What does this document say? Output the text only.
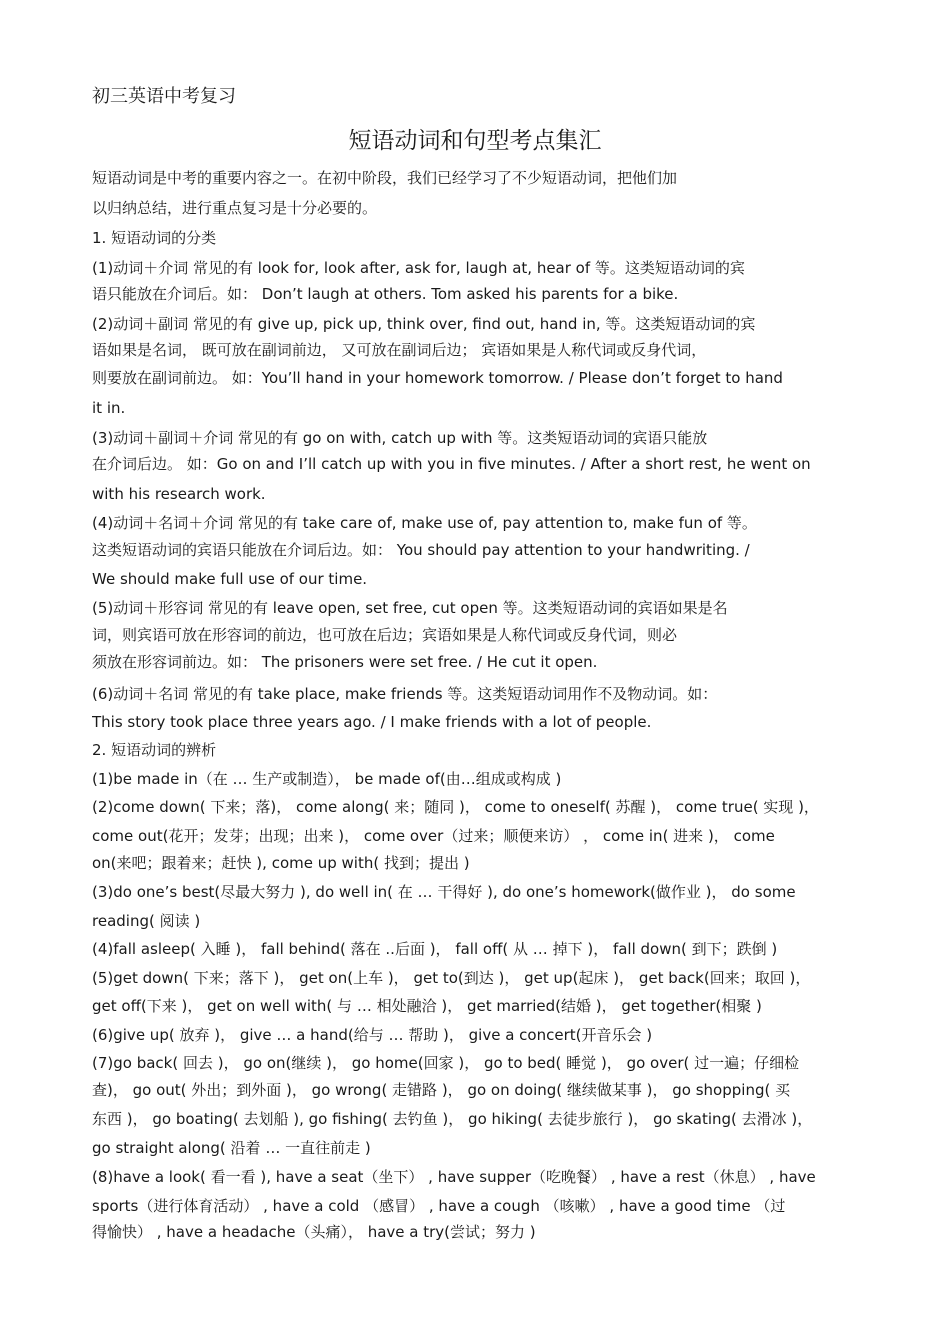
初三英语中考复习
短语动词和句型考点集汇
短语动词是中考的重要内容之一。在初中阶段，我们已经学习了不少短语动词，把他们加
以归纳总结，进行重点复习是十分必要的。
1. 短语动词的分类
(1)动词＋介词 常见的有 look for, look after, ask for, laugh at, hear of 等。这类短语动词的宾
语只能放在介词后。如： Don’t laugh at others. Tom asked his parents for a bike.
(2)动词＋副词 常见的有 give up, pick up, think over, find out, hand in, 等。这类短语动词的宾
语如果是名词， 既可放在副词前边， 又可放在副词后边； 宾语如果是人称代词或反身代词，
则要放在副词前边。 如：You’ll hand in your homework tomorrow. / Please don’t forget to hand
it in.
(3)动词＋副词＋介词 常见的有 go on with, catch up with 等。这类短语动词的宾语只能放
在介词后边。 如：Go on and I’ll catch up with you in five minutes. / After a short rest, he went on
with his research work.
(4)动词＋名词＋介词 常见的有 take care of, make use of, pay attention to, make fun of 等。
这类短语动词的宾语只能放在介词后边。如： You should pay attention to your handwriting. /
We should make full use of our time.
(5)动词＋形容词 常见的有 leave open, set free, cut open 等。这类短语动词的宾语如果是名
词，则宾语可放在形容词的前边，也可放在后边；宾语如果是人称代词或反身代词，则必
须放在形容词前边。如： The prisoners were set free. / He cut it open.
(6)动词＋名词 常见的有 take place, make friends 等。这类短语动词用作不及物动词。如：
This story took place three years ago. / I make friends with a lot of people.
2. 短语动词的辨析
(1)be made in（在 … 生产或制造）， be made of(由…组成或构成 )
(2)come down( 下来；落)， come along( 来；随同 )， come to oneself( 苏醒 )， come true( 实现 )，
come out(花开；发芽；出现；出来 )， come over（过来；顺便来访） ， come in( 进来 )， come
on(来吧；跟着来；赶快 ), come up with( 找到；提出 )
(3)do one’s best(尽最大努力 ), do well in( 在 … 干得好 ), do one’s homework(做作业 )， do some
reading( 阅读 )
(4)fall asleep( 入睡 )， fall behind( 落在 ..后面 )， fall off( 从 … 掉下 )， fall down( 到下；跌倒 )
(5)get down( 下来；落下 )， get on(上车 )， get to(到达 )， get up(起床 )， get back(回来；取回 )，
get off(下来 )， get on well with( 与 … 相处融洽 )， get married(结婚 )， get together(相聚 )
(6)give up( 放弃 )， give … a hand(给与 … 帮助 )， give a concert(开音乐会 )
(7)go back( 回去 )， go on(继续 )， go home(回家 )， go to bed( 睡觉 )， go over( 过一遍；仔细检
查)， go out( 外出；到外面 )， go wrong( 走错路 )， go on doing( 继续做某事 )， go shopping( 买
东西 )， go boating( 去划船 ), go fishing( 去钓鱼 )， go hiking( 去徒步旅行 )， go skating( 去滑冰 )，
go straight along( 沿着 … 一直往前走 )
(8)have a look( 看一看 ), have a seat（坐下） , have supper（吃晚餐） , have a rest（休息） , have
sports（进行体育活动） , have a cold （感冒） , have a cough （咳嗽） , have a good time （过
得愉快） , have a headache（头痛）， have a try(尝试；努力 )
